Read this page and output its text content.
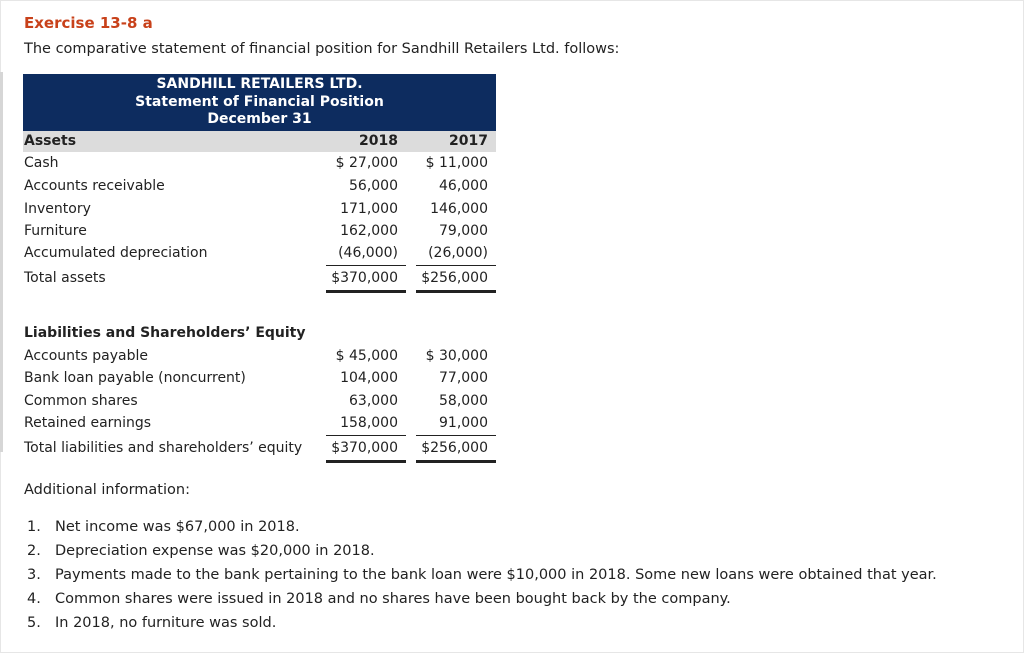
Exercise 13-8 a
The comparative statement of financial position for Sandhill Retailers Ltd. follows:
SANDHILL RETAILERS LTD.
Statement of Financial Position
December 31
Assets	2018	2017
Cash	$ 27,000	$ 11,000
Accounts receivable	56,000	46,000
Inventory	171,000	146,000
Furniture	162,000	79,000
Accumulated depreciation	(46,000)	(26,000)
Total assets	$370,000	$256,000
Liabilities and Shareholders’ Equity
Accounts payable	$ 45,000	$ 30,000
Bank loan payable (noncurrent)	104,000	77,000
Common shares	63,000	58,000
Retained earnings	158,000	91,000
Total liabilities and shareholders’ equity	$370,000	$256,000
Additional information:
1. Net income was $67,000 in 2018.
2. Depreciation expense was $20,000 in 2018.
3. Payments made to the bank pertaining to the bank loan were $10,000 in 2018. Some new loans were obtained that year.
4. Common shares were issued in 2018 and no shares have been bought back by the company.
5. In 2018, no furniture was sold.
